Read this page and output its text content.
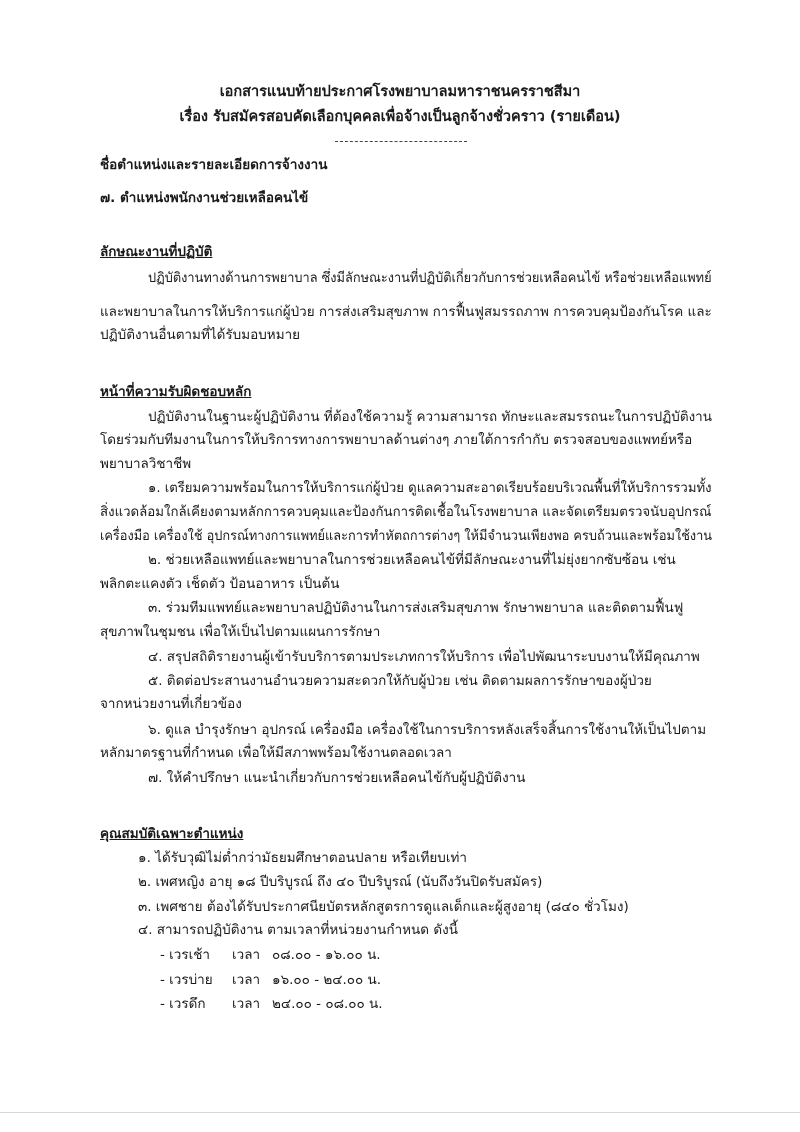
เอกสารแนบท้ายประกาศโรงพยาบาลมหาราชนครราชสีมา
เรื่อง รับสมัครสอบคัดเลือกบุคคลเพื่อจ้างเป็นลูกจ้างชั่วคราว (รายเดือน)
ชื่อตำแหน่งและรายละเอียดการจ้างงาน
๗. ตำแหน่งพนักงานช่วยเหลือคนไข้
ลักษณะงานที่ปฏิบัติ
ปฏิบัติงานทางด้านการพยาบาล ซึ่งมีลักษณะงานที่ปฏิบัติเกี่ยวกับการช่วยเหลือคนไข้ หรือช่วยเหลือแพทย์
และพยาบาลในการให้บริการแก่ผู้ป่วย การส่งเสริมสุขภาพ การฟื้นฟูสมรรถภาพ การควบคุมป้องกันโรค และ
ปฏิบัติงานอื่นตามที่ได้รับมอบหมาย
หน้าที่ความรับผิดชอบหลัก
ปฏิบัติงานในฐานะผู้ปฏิบัติงาน ที่ต้องใช้ความรู้ ความสามารถ ทักษะและสมรรถนะในการปฏิบัติงาน
โดยร่วมกับทีมงานในการให้บริการทางการพยาบาลด้านต่างๆ ภายใต้การกำกับ ตรวจสอบของแพทย์หรือ
พยาบาลวิชาชีพ
๑. เตรียมความพร้อมในการให้บริการแก่ผู้ป่วย ดูแลความสะอาดเรียบร้อยบริเวณพื้นที่ให้บริการรวมทั้ง
สิ่งแวดล้อมใกล้เคียงตามหลักการควบคุมและป้องกันการติดเชื้อในโรงพยาบาล และจัดเตรียมตรวจนับอุปกรณ์
เครื่องมือ เครื่องใช้ อุปกรณ์ทางการแพทย์และการทำหัตถการต่างๆ ให้มีจำนวนเพียงพอ ครบถ้วนและพร้อมใช้งาน
๒. ช่วยเหลือแพทย์และพยาบาลในการช่วยเหลือคนไข้ที่มีลักษณะงานที่ไม่ยุ่งยากซับซ้อน เช่น
พลิกตะแคงตัว เช็ดตัว ป้อนอาหาร เป็นต้น
๓. ร่วมทีมแพทย์และพยาบาลปฏิบัติงานในการส่งเสริมสุขภาพ รักษาพยาบาล และติดตามฟื้นฟู
สุขภาพในชุมชน เพื่อให้เป็นไปตามแผนการรักษา
๔. สรุปสถิติรายงานผู้เข้ารับบริการตามประเภทการให้บริการ เพื่อไปพัฒนาระบบงานให้มีคุณภาพ
๕. ติดต่อประสานงานอำนวยความสะดวกให้กับผู้ป่วย เช่น ติดตามผลการรักษาของผู้ป่วย
จากหน่วยงานที่เกี่ยวข้อง
๖. ดูแล บำรุงรักษา อุปกรณ์ เครื่องมือ เครื่องใช้ในการบริการหลังเสร็จสิ้นการใช้งานให้เป็นไปตาม
หลักมาตรฐานที่กำหนด เพื่อให้มีสภาพพร้อมใช้งานตลอดเวลา
๗. ให้คำปรึกษา แนะนำเกี่ยวกับการช่วยเหลือคนไข้กับผู้ปฏิบัติงาน
คุณสมบัติเฉพาะตำแหน่ง
๑. ได้รับวุฒิไม่ต่ำกว่ามัธยมศึกษาตอนปลาย หรือเทียบเท่า
๒. เพศหญิง อายุ ๑๘ ปีบริบูรณ์ ถึง ๔๐ ปีบริบูรณ์ (นับถึงวันปิดรับสมัคร)
๓. เพศชาย ต้องได้รับประกาศนียบัตรหลักสูตรการดูแลเด็กและผู้สูงอายุ (๘๔๐ ชั่วโมง)
๔. สามารถปฏิบัติงาน ตามเวลาที่หน่วยงานกำหนด ดังนี้
- เวรเช้า เวลา ๐๘.๐๐ - ๑๖.๐๐ น.
- เวรบ่าย เวลา ๑๖.๐๐ - ๒๔.๐๐ น.
- เวรดึก เวลา ๒๔.๐๐ - ๐๘.๐๐ น.
